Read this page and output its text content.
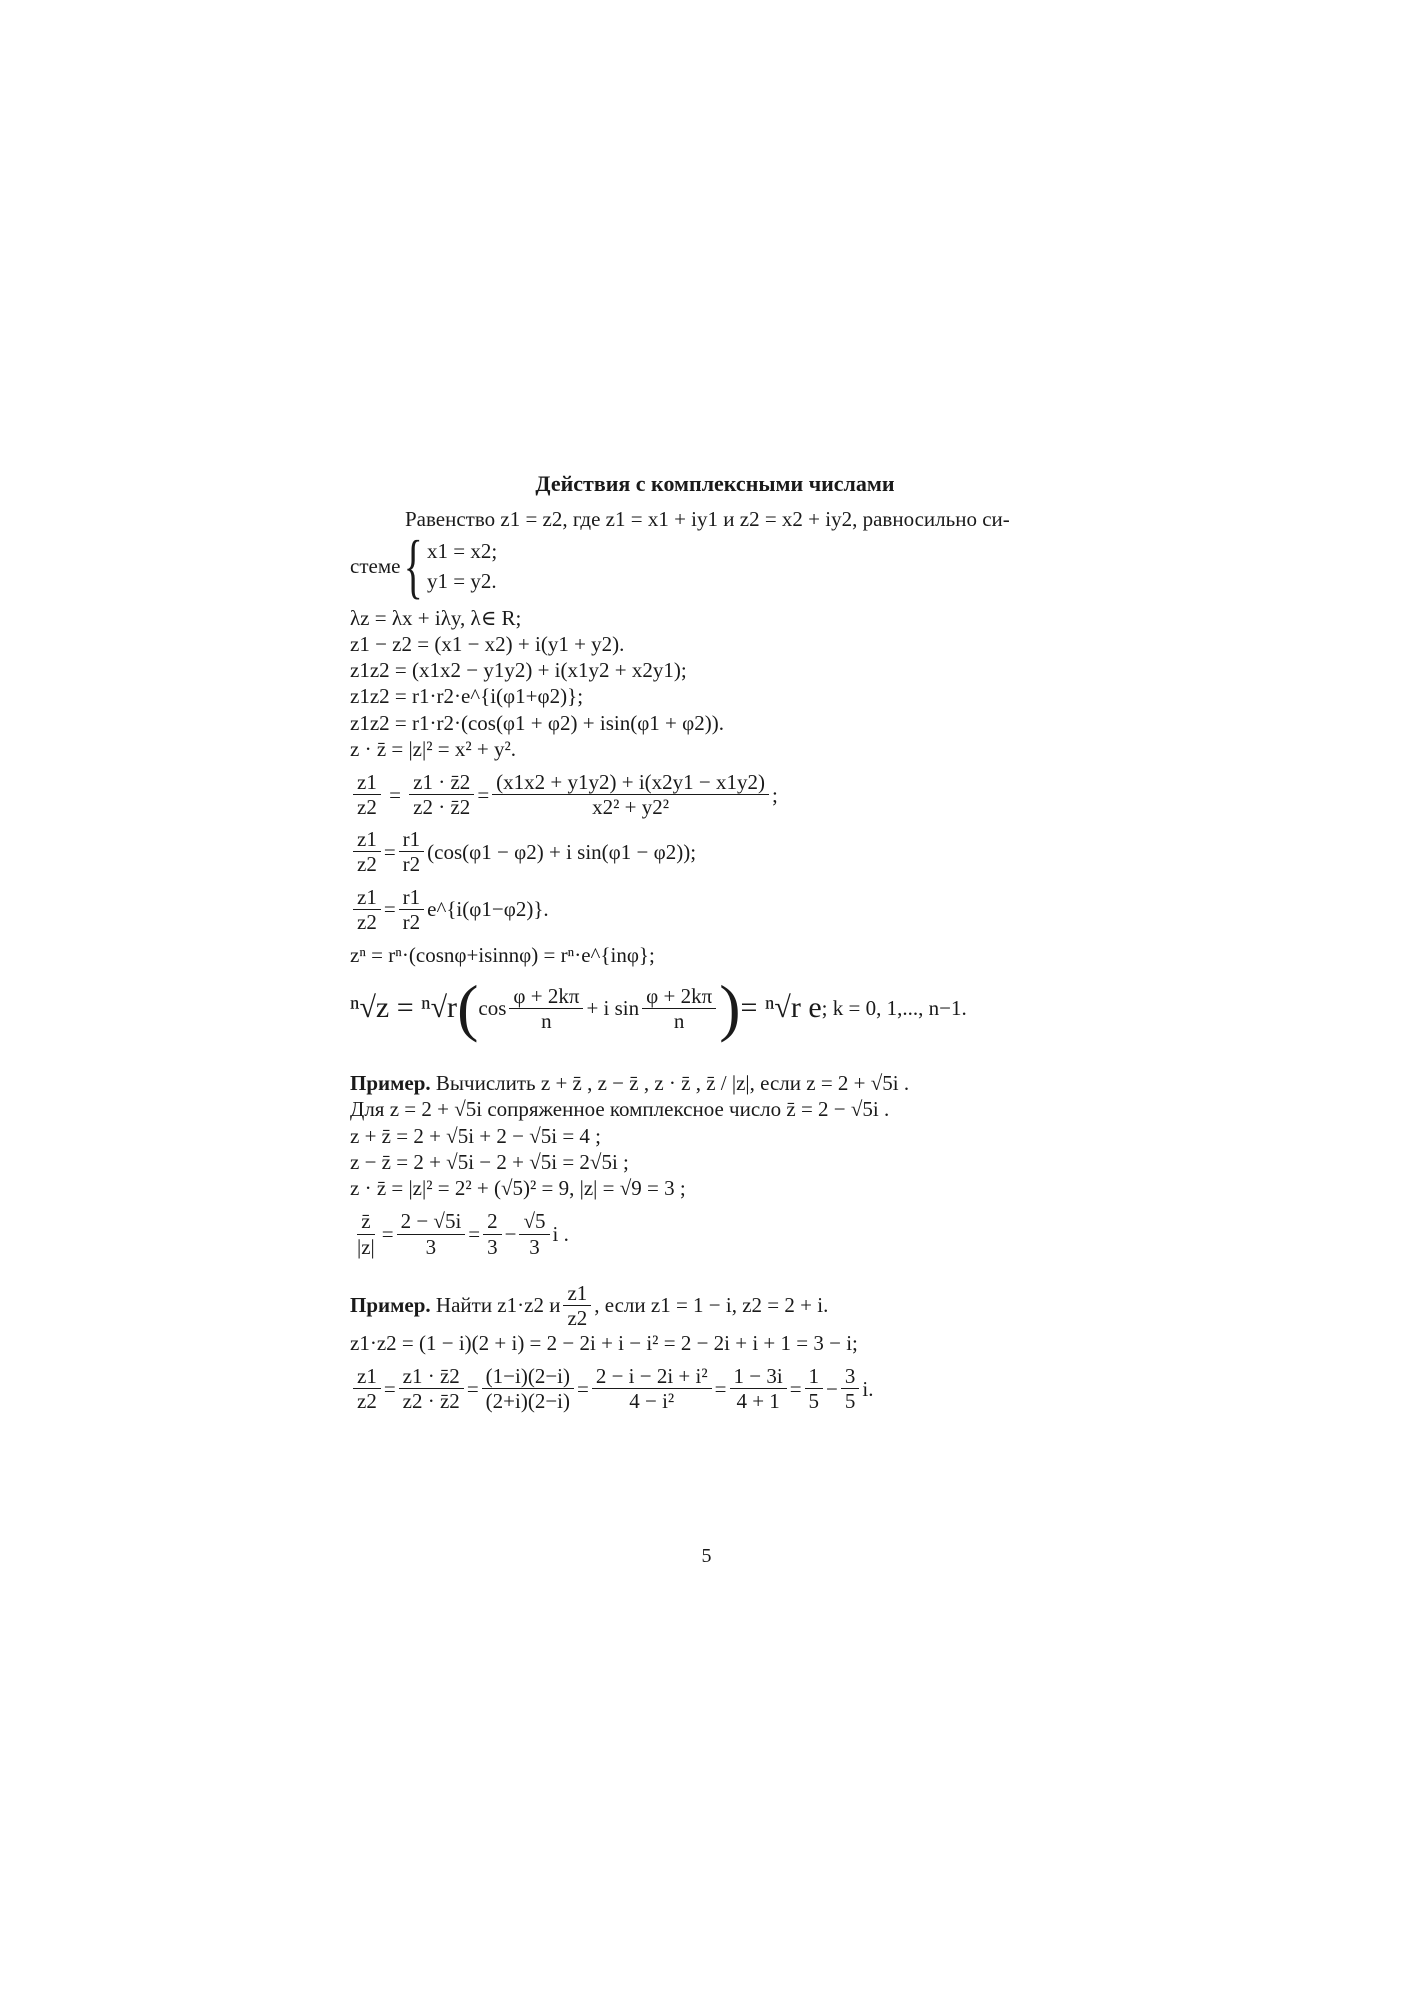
Действия с комплексными числами

Равенство z1 = z2, где z1 = x1 + iy1 и z2 = x2 + iy2, равносильно си-

стеме { x1 = x2;
y1 = y2.

λz = λx + iλy, λ∈ R;

z1 − z2 = (x1 − x2) + i(y1 + y2).

z1z2 = (x1x2 − y1y2) + i(x1y2 + x2y1);

z1z2 = r1·r2·e^{i(φ1+φ2)};

z1z2 = r1·r2·(cos(φ1 + φ2) + isin(φ1 + φ2)).

z · z̄ = |z|² = x² + y².

$\frac{z1}{z2} = \frac{z1 \cdot z̄2}{z2 \cdot z̄2} = \frac{(x1x2 + y1y2) + i(x2y1 - x1y2)}{\text{x2² + y2²}}$ ;
$\frac{z1}{z2} = \frac{r1}{r2} (\cos(\varphi 1 - \varphi 2) + i$ sin(φ1 − φ2));
$\frac{z1}{z2} = \frac{r1}{r2}$ e^{i(φ1−φ2)}.

zⁿ = rⁿ·(cosnφ+isinnφ) = rⁿ·e^{inφ};

ⁿ√z = ⁿ√r ( $\cos \frac{\varphi + 2k\pi}{n} + i$ $\sin \frac{\varphi + 2k\pi}{n}$ ) = ⁿ√r e ; k = 0, 1,..., n−1.

Пример. Вычислить z + z̄ , z − z̄ , z · z̄ , z̄ / |z|, если z = 2 + √5i .

Для z = 2 + √5i сопряженное комплексное число z̄ = 2 − √5i .

z + z̄ = 2 + √5i + 2 − √5i = 4 ;

z − z̄ = 2 + √5i − 2 + √5i = 2√5i ;

z · z̄ = |z|² = 2² + (√5)² = 9, |z| = √9 = 3 ;

$\frac{z̄}{|z|} = \frac{2 - √5i}{3} = \frac{2}{3} - \frac{√5}{3}$ i .
Пример.
Найти z1·z2 и $\frac{z1}{z2}$ , если z1 = 1 − i, z2 = 2 + i.

z1·z2 = (1 − i)(2 + i) = 2 − 2i + i − i² = 2 − 2i + i + 1 = 3 − i;

$\frac{z1}{z2} = \frac{z1 \cdot z̄2}{z2 \cdot z̄2} = \frac{(1-i)(2-i)}{(2+i)(2-i)} = \frac{\text{2 − i − 2i + i²}}{\text{4 − i²}} = \frac{1 - 3i}{4 + 1} = \frac{1}{5} - \frac{3}{5} i$.
5
